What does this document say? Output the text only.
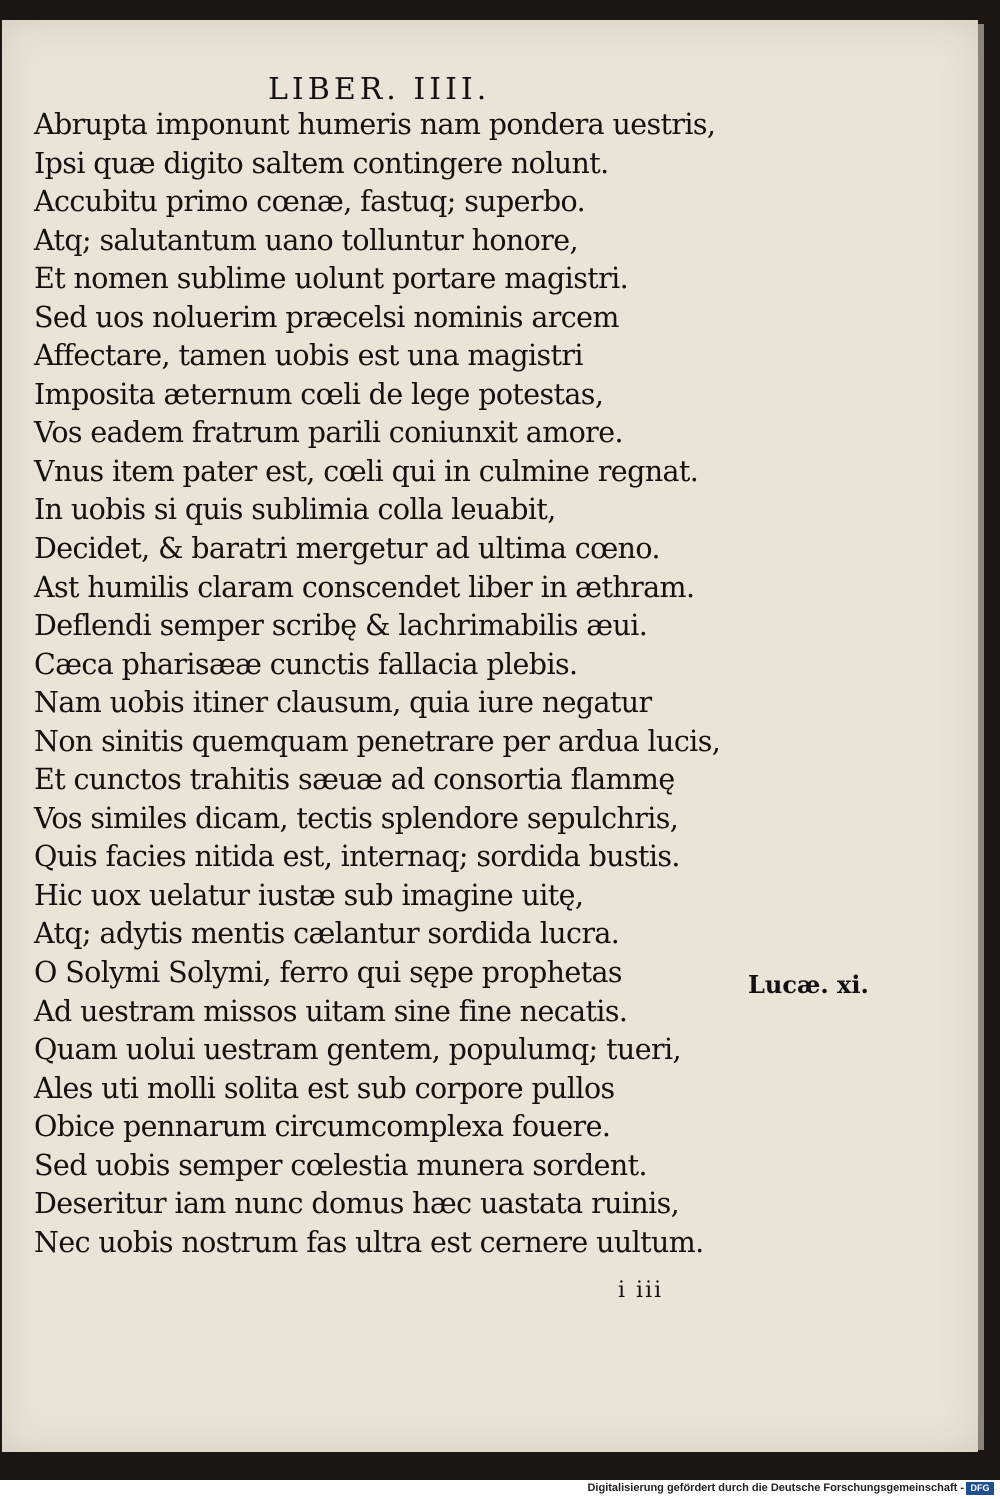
LIBER. IIII.
Abrupta imponunt humeris nam pondera uestris,
Ipsi quæ digito saltem contingere nolunt.
Accubitu primo cœnæ, fastuq; superbo.
Atq; salutantum uano tolluntur honore,
Et nomen sublime uolunt portare magistri.
Sed uos noluerim præcelsi nominis arcem
Affectare, tamen uobis est una magistri
Imposita æternum cœli de lege potestas,
Vos eadem fratrum parili coniunxit amore.
Vnus item pater est, cœli qui in culmine regnat.
In uobis si quis sublimia colla leuabit,
Decidet, & baratri mergetur ad ultima cœno.
Ast humilis claram conscendet liber in æthram.
Deflendi semper scribę & lachrimabilis æui.
Cæca pharisææ cunctis fallacia plebis.
Nam uobis itiner clausum, quia iure negatur
Non sinitis quemquam penetrare per ardua lucis,
Et cunctos trahitis sæuæ ad consortia flammę
Vos similes dicam, tectis splendore sepulchris,
Quis facies nitida est, internaq; sordida bustis.
Hic uox uelatur iustæ sub imagine uitę,
Atq; adytis mentis cælantur sordida lucra.
O Solymi Solymi, ferro qui sępe prophetas
Ad uestram missos uitam sine fine necatis.
Quam uolui uestram gentem, populumq; tueri,
Ales uti molli solita est sub corpore pullos
Obice pennarum circumcomplexa fouere.
Sed uobis semper cœlestia munera sordent.
Deseritur iam nunc domus hæc uastata ruinis,
Nec uobis nostrum fas ultra est cernere uultum.
Lucæ. xi.
i iii
Digitalisierung gefördert durch die Deutsche Forschungsgemeinschaft - DFG
